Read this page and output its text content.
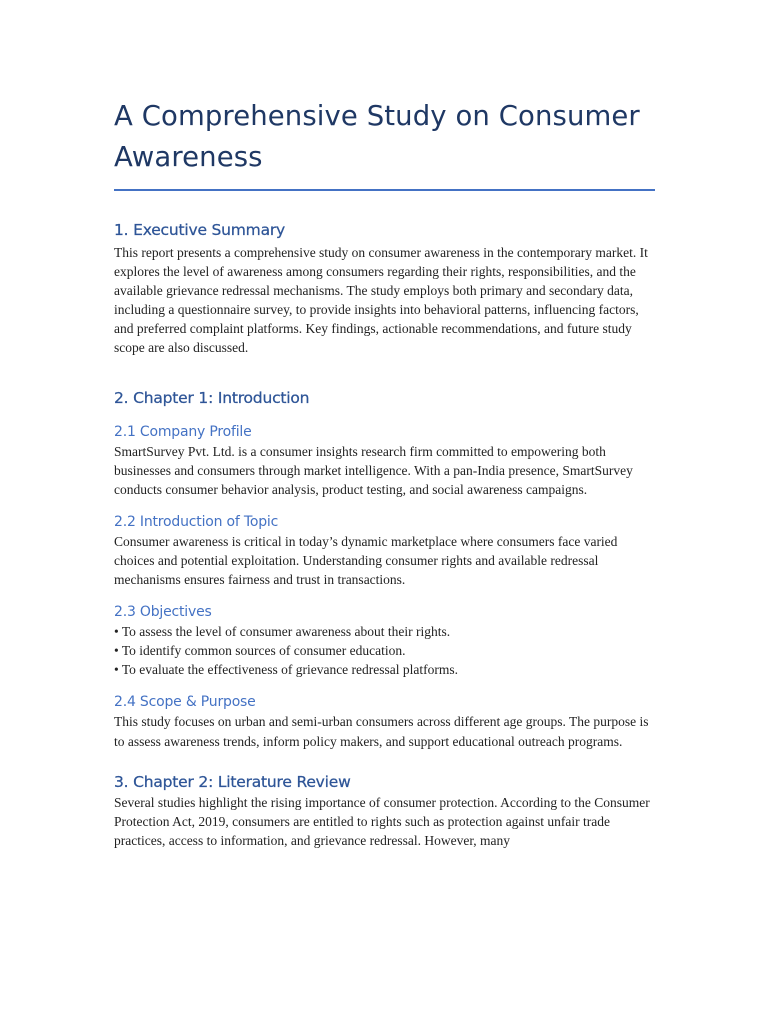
A Comprehensive Study on Consumer Awareness
1. Executive Summary

This report presents a comprehensive study on consumer awareness in the contemporary market. It explores the level of awareness among consumers regarding their rights, responsibilities, and the available grievance redressal mechanisms. The study employs both primary and secondary data, including a questionnaire survey, to provide insights into behavioral patterns, influencing factors, and preferred complaint platforms. Key findings, actionable recommendations, and future study scope are also discussed.

2. Chapter 1: Introduction
2.1 Company Profile

SmartSurvey Pvt. Ltd. is a consumer insights research firm committed to empowering both businesses and consumers through market intelligence. With a pan-India presence, SmartSurvey conducts consumer behavior analysis, product testing, and social awareness campaigns.

2.2 Introduction of Topic

Consumer awareness is critical in today’s dynamic marketplace where consumers face varied choices and potential exploitation. Understanding consumer rights and available redressal mechanisms ensures fairness and trust in transactions.

2.3 Objectives
• To assess the level of consumer awareness about their rights.
• To identify common sources of consumer education.
• To evaluate the effectiveness of grievance redressal platforms.
2.4 Scope & Purpose

This study focuses on urban and semi-urban consumers across different age groups. The purpose is to assess awareness trends, inform policy makers, and support educational outreach programs.

3. Chapter 2: Literature Review

Several studies highlight the rising importance of consumer protection. According to the Consumer Protection Act, 2019, consumers are entitled to rights such as protection against unfair trade practices, access to information, and grievance redressal. However, many
